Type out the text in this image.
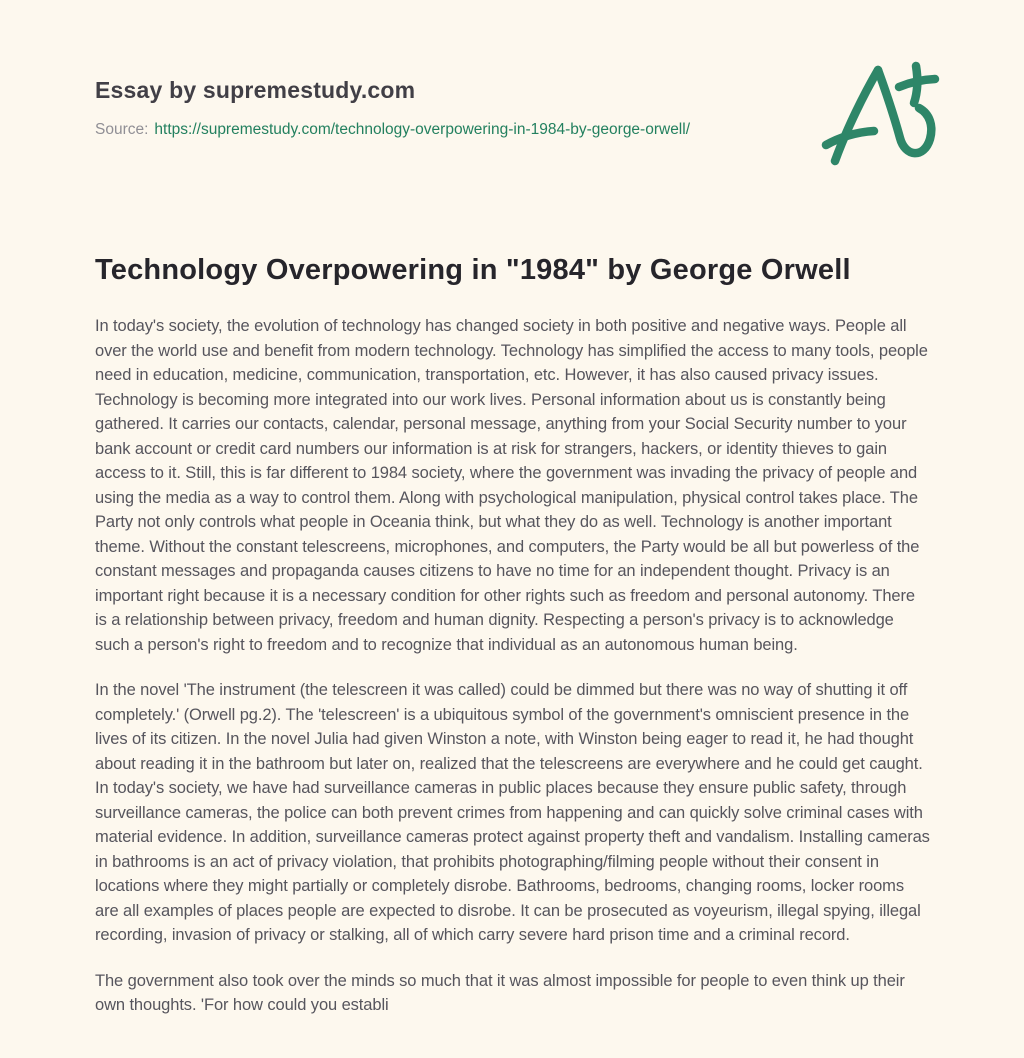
Essay by supremestudy.com
Source: https://supremestudy.com/technology-overpowering-in-1984-by-george-orwell/
Technology Overpowering in "1984" by George Orwell

In today's society, the evolution of technology has changed society in both positive and negative ways. People all over the world use and benefit from modern technology. Technology has simplified the access to many tools, people need in education, medicine, communication, transportation, etc. However, it has also caused privacy issues. Technology is becoming more integrated into our work lives. Personal information about us is constantly being gathered. It carries our contacts, calendar, personal message, anything from your Social Security number to your bank account or credit card numbers our information is at risk for strangers, hackers, or identity thieves to gain access to it. Still, this is far different to 1984 society, where the government was invading the privacy of people and using the media as a way to control them. Along with psychological manipulation, physical control takes place. The Party not only controls what people in Oceania think, but what they do as well. Technology is another important theme. Without the constant telescreens, microphones, and computers, the Party would be all but powerless of the constant messages and propaganda causes citizens to have no time for an independent thought. Privacy is an important right because it is a necessary condition for other rights such as freedom and personal autonomy. There is a relationship between privacy, freedom and human dignity. Respecting a person's privacy is to acknowledge such a person's right to freedom and to recognize that individual as an autonomous human being.

In the novel 'The instrument (the telescreen it was called) could be dimmed but there was no way of shutting it off completely.' (Orwell pg.2). The 'telescreen' is a ubiquitous symbol of the government's omniscient presence in the lives of its citizen. In the novel Julia had given Winston a note, with Winston being eager to read it, he had thought about reading it in the bathroom but later on, realized that the telescreens are everywhere and he could get caught. In today's society, we have had surveillance cameras in public places because they ensure public safety, through surveillance cameras, the police can both prevent crimes from happening and can quickly solve criminal cases with material evidence. In addition, surveillance cameras protect against property theft and vandalism. Installing cameras in bathrooms is an act of privacy violation, that prohibits photographing/filming people without their consent in locations where they might partially or completely disrobe. Bathrooms, bedrooms, changing rooms, locker rooms are all examples of places people are expected to disrobe. It can be prosecuted as voyeurism, illegal spying, illegal recording, invasion of privacy or stalking, all of which carry severe hard prison time and a criminal record.

The government also took over the minds so much that it was almost impossible for people to even think up their own thoughts. 'For how could you establi
